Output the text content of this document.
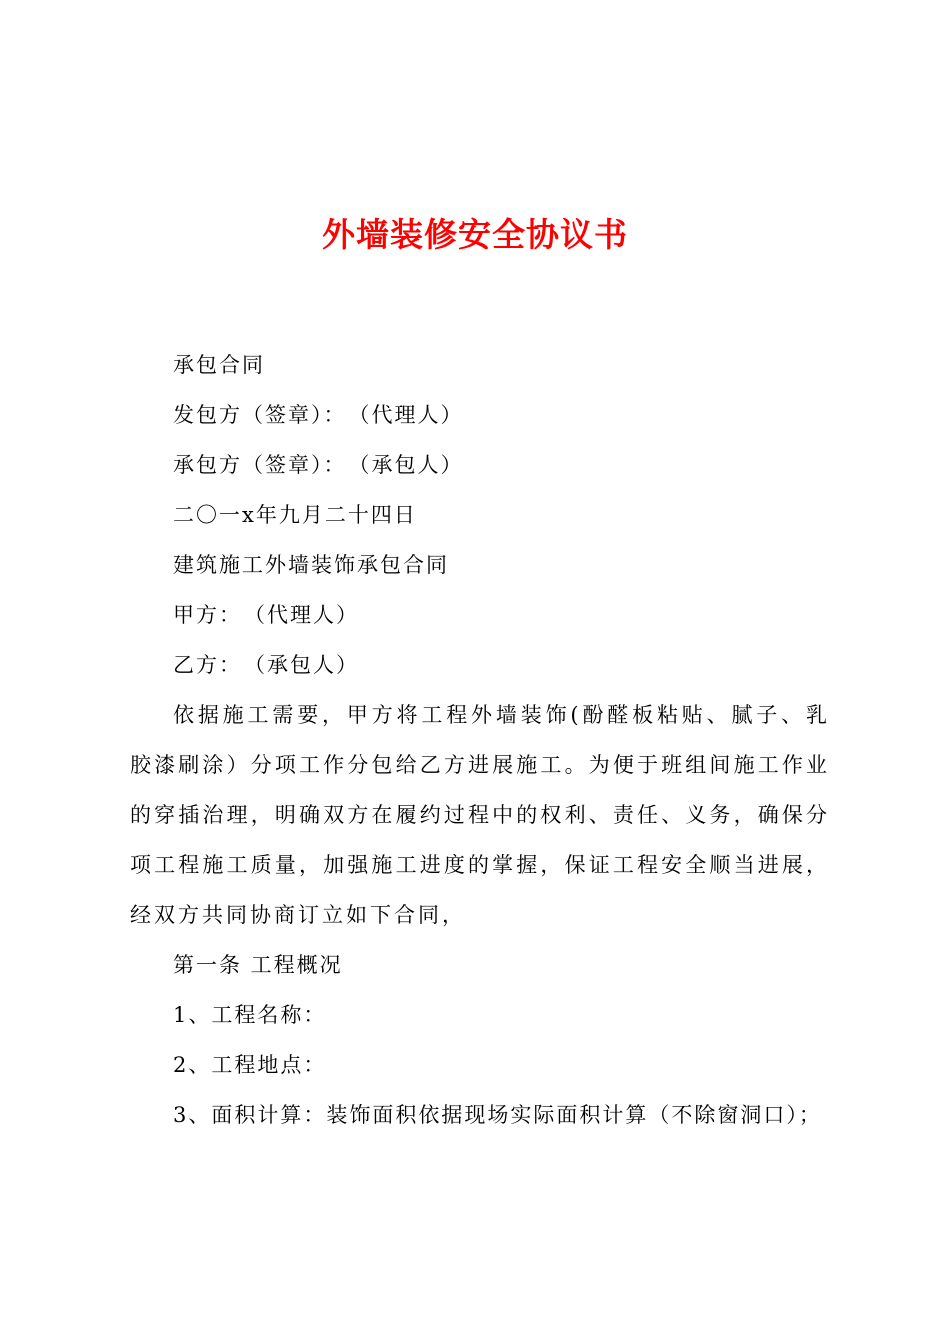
外墙装修安全协议书

承包合同

发包方（签章）：　（代理人）

承包方（签章）：　（承包人）

二〇一x年九月二十四日

建筑施工外墙装饰承包合同

甲方：　（代理人）

乙方：　（承包人）

依据施工需要，甲方将工程外墙装饰(酚醛板粘贴、腻子、乳胶漆刷涂）分项工作分包给乙方进展施工。为便于班组间施工作业的穿插治理，明确双方在履约过程中的权利、责任、义务，确保分项工程施工质量，加强施工进度的掌握，保证工程安全顺当进展，经双方共同协商订立如下合同，

第一条 工程概况

1、工程名称：

2、工程地点：

3、面积计算：装饰面积依据现场实际面积计算（不除窗洞口）；
